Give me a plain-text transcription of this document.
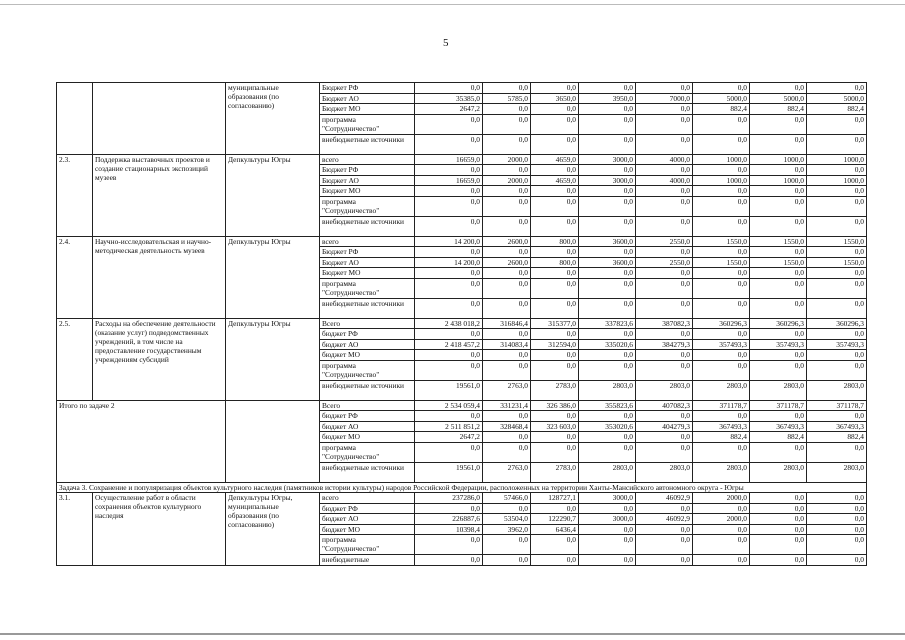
5
		муниципальные образования (по согласованию)	Бюджет РФ	0,0	0,0	0,0	0,0	0,0	0,0	0,0	0,0
			Бюджет АО	35385,0	5785,0	3650,0	3950,0	7000,0	5000,0	5000,0	5000,0
			Бюджет МО	2647,2	0,0	0,0	0,0	0,0	882,4	882,4	882,4
			программа "Сотрудничество"	0,0	0,0	0,0	0,0	0,0	0,0	0,0	0,0
			внебюджетные источники	0,0	0,0	0,0	0,0	0,0	0,0	0,0	0,0
2.3.	Поддержка выставочных проектов и создание стационарных экспозиций музеев	Депкультуры Югры	всего	16659,0	2000,0	4659,0	3000,0	4000,0	1000,0	1000,0	1000,0
			Бюджет РФ	0,0	0,0	0,0	0,0	0,0	0,0	0,0	0,0
			Бюджет АО	16659,0	2000,0	4659,0	3000,0	4000,0	1000,0	1000,0	1000,0
			Бюджет МО	0,0	0,0	0,0	0,0	0,0	0,0	0,0	0,0
			программа "Сотрудничество"	0,0	0,0	0,0	0,0	0,0	0,0	0,0	0,0
			внебюджетные источники	0,0	0,0	0,0	0,0	0,0	0,0	0,0	0,0
2.4.	Научно-исследовательская и научно-методическая деятельность музеев	Депкультуры Югры	всего	14 200,0	2600,0	800,0	3600,0	2550,0	1550,0	1550,0	1550,0
			Бюджет РФ	0,0	0,0	0,0	0,0	0,0	0,0	0,0	0,0
			Бюджет АО	14 200,0	2600,0	800,0	3600,0	2550,0	1550,0	1550,0	1550,0
			Бюджет МО	0,0	0,0	0,0	0,0	0,0	0,0	0,0	0,0
			программа "Сотрудничество"	0,0	0,0	0,0	0,0	0,0	0,0	0,0	0,0
			внебюджетные источники	0,0	0,0	0,0	0,0	0,0	0,0	0,0	0,0
2.5.	Расходы на обеспечение деятельности (оказание услуг) подведомственных учреждений, в том числе на предоставление государственным учреждениям субсидий	Депкультуры Югры	Всего	2 438 018,2	316846,4	315377,0	337823,6	387082,3	360296,3	360296,3	360296,3
			бюджет РФ	0,0	0,0	0,0	0,0	0,0	0,0	0,0	0,0
			бюджет АО	2 418 457,2	314083,4	312594,0	335020,6	384279,3	357493,3	357493,3	357493,3
			бюджет МО	0,0	0,0	0,0	0,0	0,0	0,0	0,0	0,0
			программа "Сотрудничество"	0,0	0,0	0,0	0,0	0,0	0,0	0,0	0,0
			внебюджетные источники	19561,0	2763,0	2783,0	2803,0	2803,0	2803,0	2803,0	2803,0
Итого по задаче 2			Всего	2 534 059,4	331231,4	326 386,0	355823,6	407082,3	371178,7	371178,7	371178,7
			бюджет РФ	0,0	0,0	0,0	0,0	0,0	0,0	0,0	0,0
			бюджет АО	2 511 851,2	328468,4	323 603,0	353020,6	404279,3	367493,3	367493,3	367493,3
			бюджет МО	2647,2	0,0	0,0	0,0	0,0	882,4	882,4	882,4
			программа "Сотрудничество"	0,0	0,0	0,0	0,0	0,0	0,0	0,0	0,0
			внебюджетные источники	19561,0	2763,0	2783,0	2803,0	2803,0	2803,0	2803,0	2803,0
Задача 3. Сохранение и популяризация объектов культурного наследия (памятников истории культуры) народов Российской Федерации, расположенных на территории Ханты-Мансийского автономного округа - Югры											
3.1.	Осуществление работ в области сохранения объектов культурного наследия	Депкультуры Югры, муниципальные образования (по согласованию)	всего	237286,0	57466,0	128727,1	3000,0	46092,9	2000,0	0,0	0,0
			бюджет РФ	0,0	0,0	0,0	0,0	0,0	0,0	0,0	0,0
			бюджет АО	226887,6	53504,0	122290,7	3000,0	46092,9	2000,0	0,0	0,0
			бюджет МО	10398,4	3962,0	6436,4	0,0	0,0	0,0	0,0	0,0
			программа "Сотрудничество"	0,0	0,0	0,0	0,0	0,0	0,0	0,0	0,0
			внебюджетные	0,0	0,0	0,0	0,0	0,0	0,0	0,0	0,0
